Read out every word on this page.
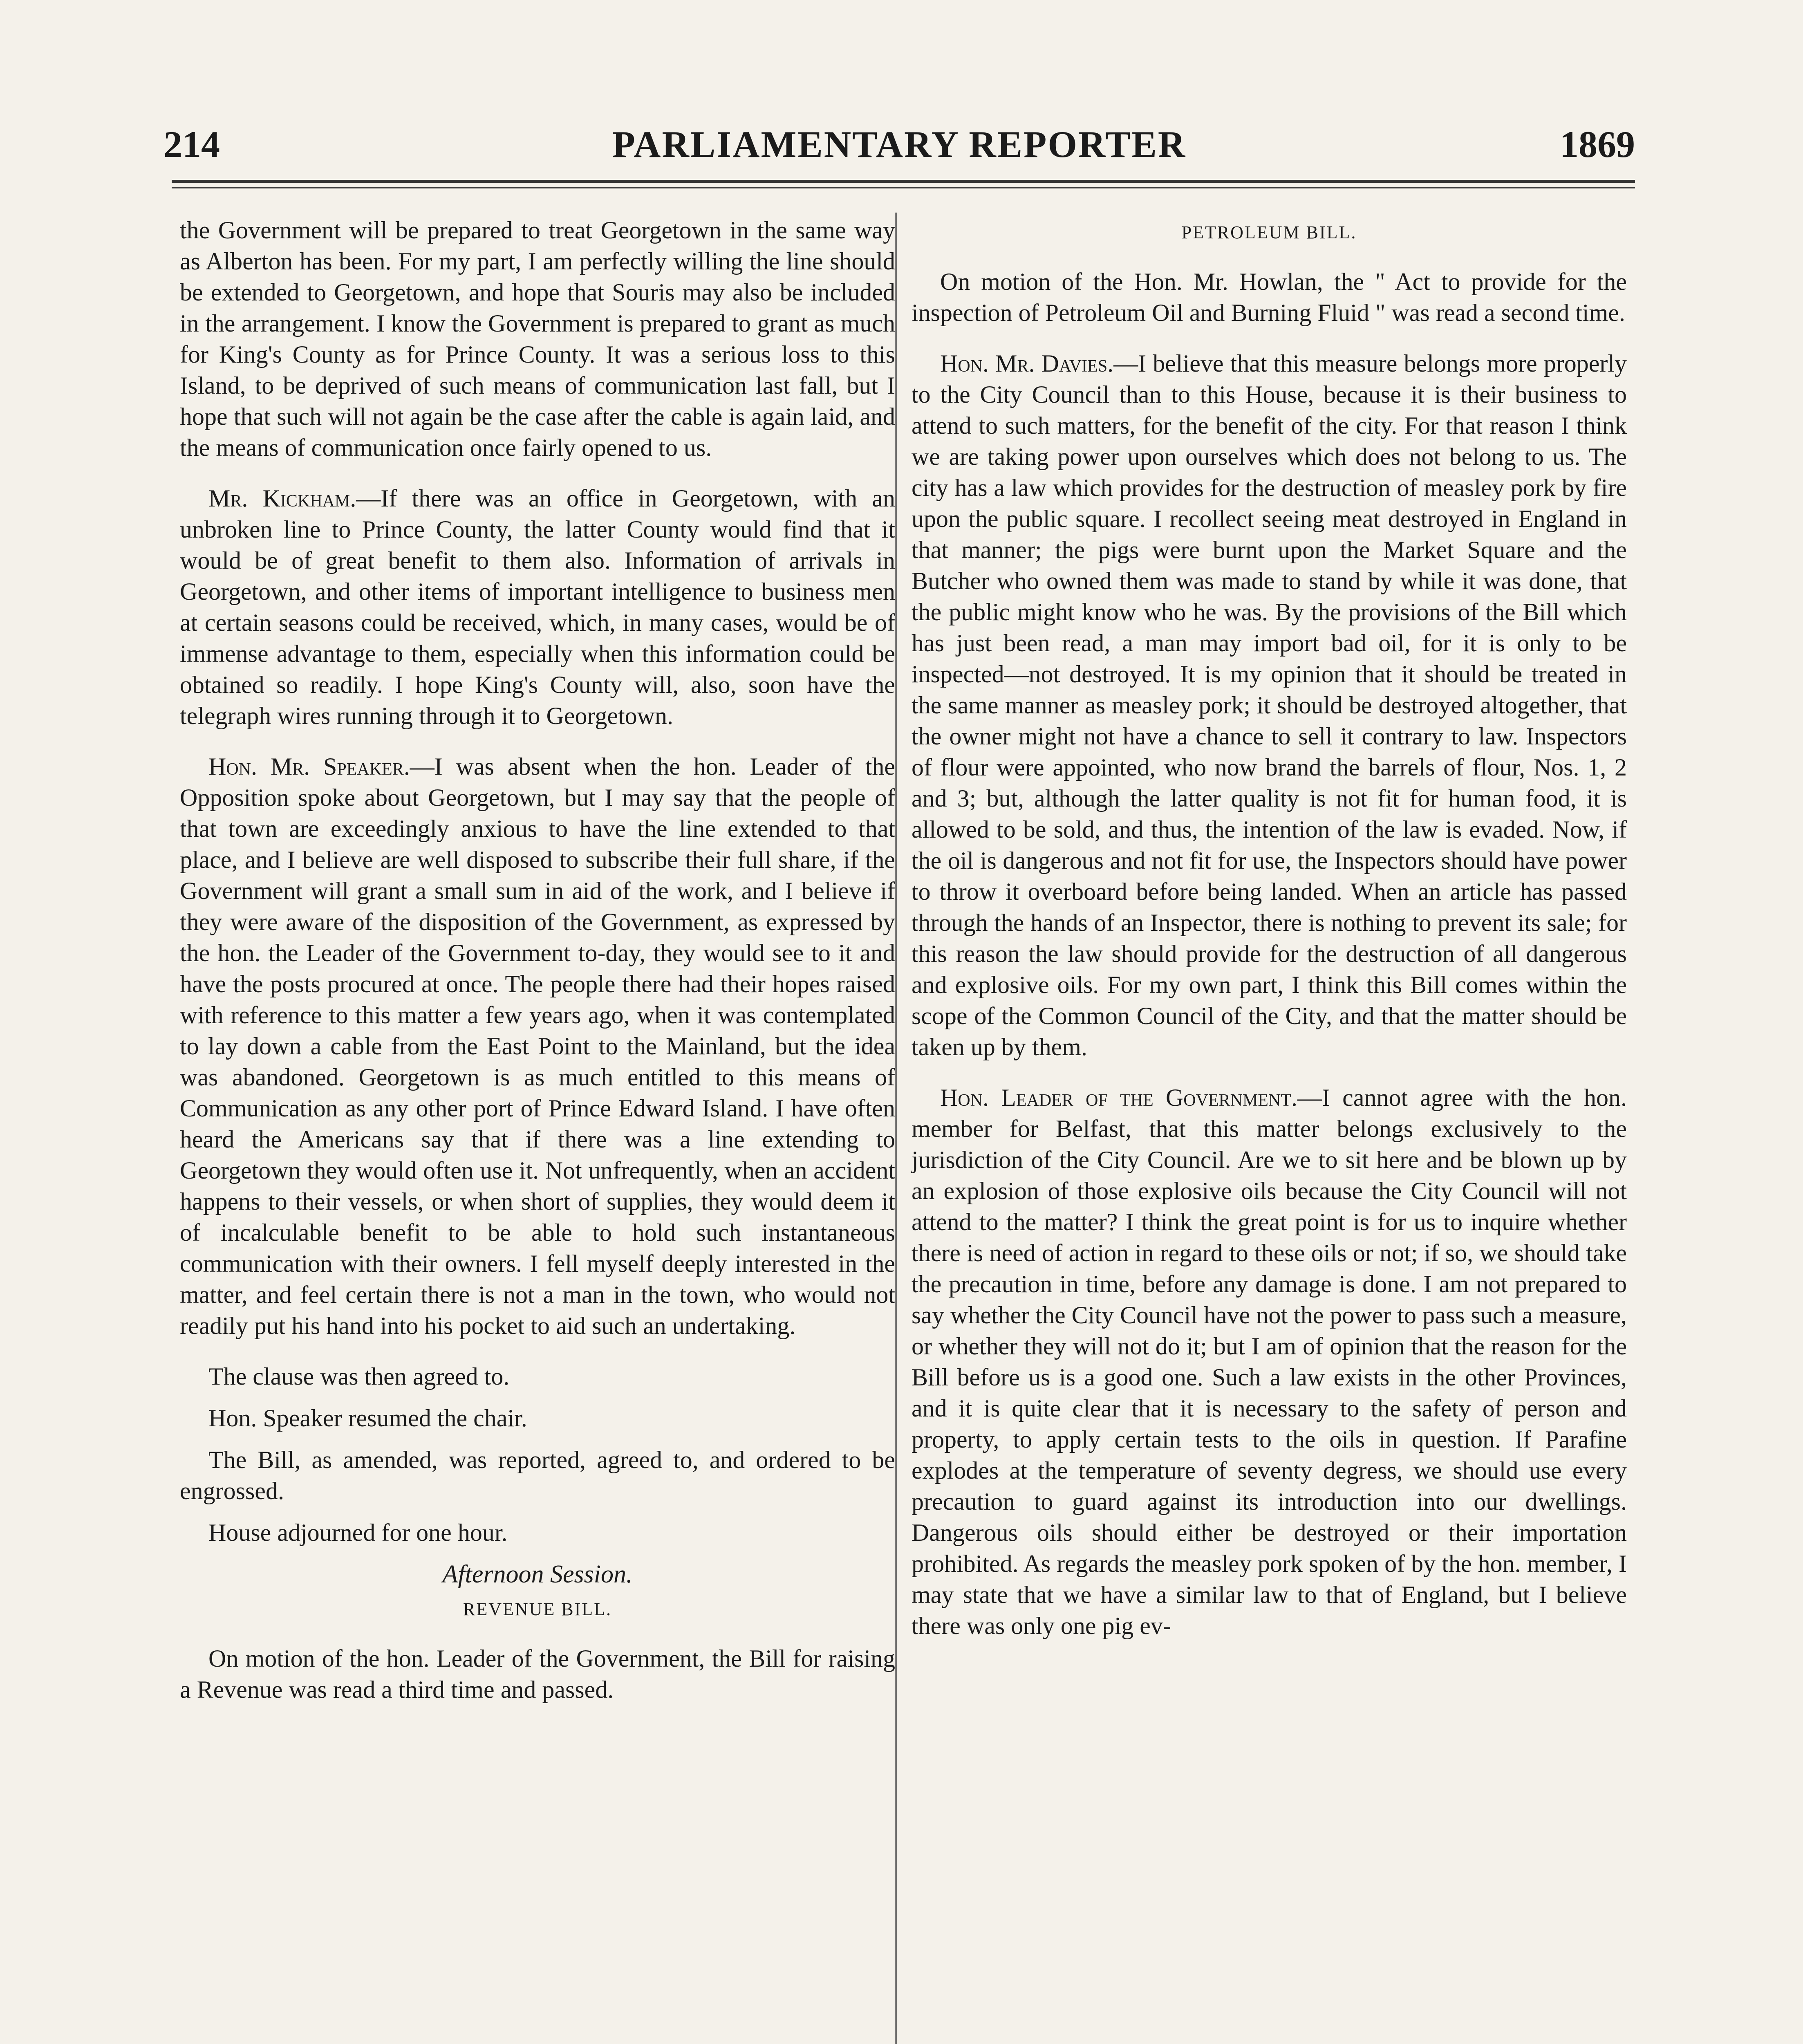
214	PARLIAMENTARY REPORTER	1869

the Government will be prepared to treat Georgetown in the same way as Alberton has been. For my part, I am perfectly willing the line should be extended to Georgetown, and hope that Souris may also be included in the arrangement. I know the Government is prepared to grant as much for King's County as for Prince County. It was a serious loss to this Island, to be deprived of such means of communication last fall, but I hope that such will not again be the case after the cable is again laid, and the means of communication once fairly opened to us.

Mr. Kickham.—If there was an office in Georgetown, with an unbroken line to Prince County, the latter County would find that it would be of great benefit to them also. Information of arrivals in Georgetown, and other items of important intelligence to business men at certain seasons could be received, which, in many cases, would be of immense advantage to them, especially when this information could be obtained so readily. I hope King's County will, also, soon have the telegraph wires running through it to Georgetown.

Hon. Mr. Speaker.—I was absent when the hon. Leader of the Opposition spoke about Georgetown, but I may say that the people of that town are exceedingly anxious to have the line extended to that place, and I believe are well disposed to subscribe their full share, if the Government will grant a small sum in aid of the work, and I believe if they were aware of the disposition of the Government, as expressed by the hon. the Leader of the Government to-day, they would see to it and have the posts procured at once. The people there had their hopes raised with reference to this matter a few years ago, when it was contemplated to lay down a cable from the East Point to the Mainland, but the idea was abandoned. Georgetown is as much entitled to this means of Communication as any other port of Prince Edward Island. I have often heard the Americans say that if there was a line extending to Georgetown they would often use it. Not unfrequently, when an accident happens to their vessels, or when short of supplies, they would deem it of incalculable benefit to be able to hold such instantaneous communication with their owners. I fell myself deeply interested in the matter, and feel certain there is not a man in the town, who would not readily put his hand into his pocket to aid such an undertaking.

The clause was then agreed to.

Hon. Speaker resumed the chair.

The Bill, as amended, was reported, agreed to, and ordered to be engrossed.

House adjourned for one hour.

Afternoon Session.
REVENUE BILL.

On motion of the hon. Leader of the Government, the Bill for raising a Revenue was read a third time and passed.

PETROLEUM BILL.

On motion of the Hon. Mr. Howlan, the " Act to provide for the inspection of Petroleum Oil and Burning Fluid " was read a second time.

Hon. Mr. Davies.—I believe that this measure belongs more properly to the City Council than to this House, because it is their business to attend to such matters, for the benefit of the city. For that reason I think we are taking power upon ourselves which does not belong to us. The city has a law which provides for the destruction of measley pork by fire upon the public square. I recollect seeing meat destroyed in England in that manner; the pigs were burnt upon the Market Square and the Butcher who owned them was made to stand by while it was done, that the public might know who he was. By the provisions of the Bill which has just been read, a man may import bad oil, for it is only to be inspected—not destroyed. It is my opinion that it should be treated in the same manner as measley pork; it should be destroyed altogether, that the owner might not have a chance to sell it contrary to law. Inspectors of flour were appointed, who now brand the barrels of flour, Nos. 1, 2 and 3; but, although the latter quality is not fit for human food, it is allowed to be sold, and thus, the intention of the law is evaded. Now, if the oil is dangerous and not fit for use, the Inspectors should have power to throw it overboard before being landed. When an article has passed through the hands of an Inspector, there is nothing to prevent its sale; for this reason the law should provide for the destruction of all dangerous and explosive oils. For my own part, I think this Bill comes within the scope of the Common Council of the City, and that the matter should be taken up by them.

Hon. Leader of the Government.—I cannot agree with the hon. member for Belfast, that this matter belongs exclusively to the jurisdiction of the City Council. Are we to sit here and be blown up by an explosion of those explosive oils because the City Council will not attend to the matter? I think the great point is for us to inquire whether there is need of action in regard to these oils or not; if so, we should take the precaution in time, before any damage is done. I am not prepared to say whether the City Council have not the power to pass such a measure, or whether they will not do it; but I am of opinion that the reason for the Bill before us is a good one. Such a law exists in the other Provinces, and it is quite clear that it is necessary to the safety of person and property, to apply certain tests to the oils in question. If Parafine explodes at the temperature of seventy degress, we should use every precaution to guard against its introduction into our dwellings. Dangerous oils should either be destroyed or their importation prohibited. As regards the measley pork spoken of by the hon. member, I may state that we have a similar law to that of England, but I believe there was only one pig ev-
